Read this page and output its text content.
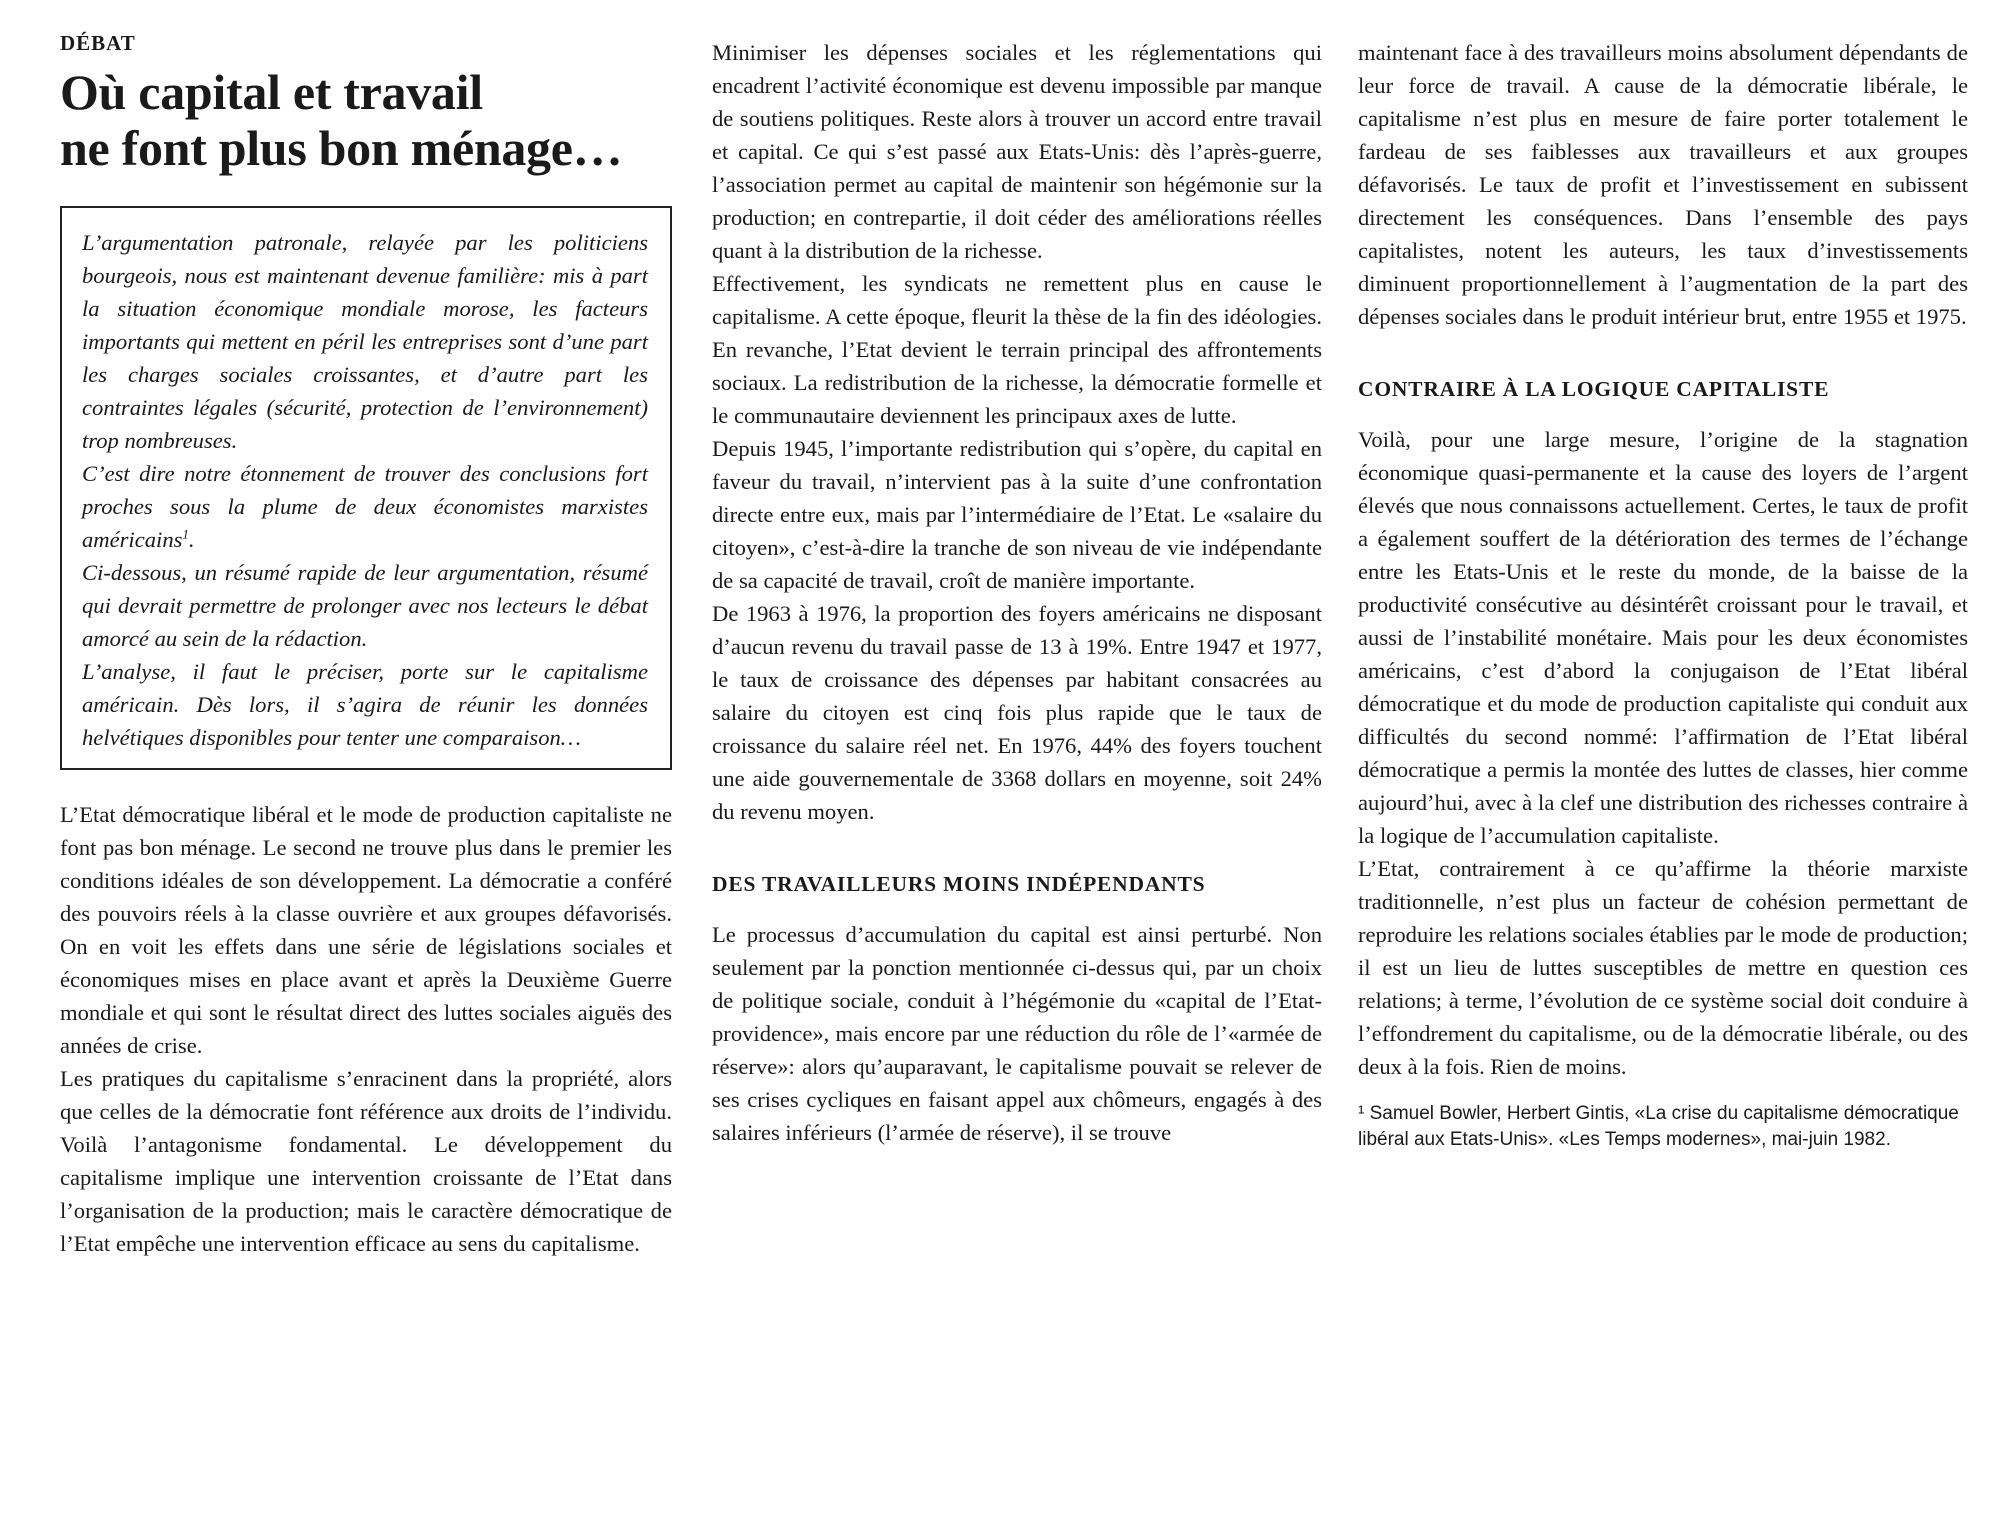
DÉBAT
Où capital et travail
ne font plus bon ménage…

L’argumentation patronale, relayée par les politiciens bourgeois, nous est maintenant devenue familière: mis à part la situation économique mondiale morose, les facteurs importants qui mettent en péril les entreprises sont d’une part les charges sociales croissantes, et d’autre part les contraintes légales (sécurité, protection de l’environnement) trop nombreuses.

C’est dire notre étonnement de trouver des conclusions fort proches sous la plume de deux économistes marxistes américains$^1$.

Ci-dessous, un résumé rapide de leur argumentation, résumé qui devrait permettre de prolonger avec nos lecteurs le débat amorcé au sein de la rédaction.

L’analyse, il faut le préciser, porte sur le capitalisme américain. Dès lors, il s’agira de réunir les données helvétiques disponibles pour tenter une comparaison…

L’Etat démocratique libéral et le mode de production capitaliste ne font pas bon ménage. Le second ne trouve plus dans le premier les conditions idéales de son développement. La démocratie a conféré des pouvoirs réels à la classe ouvrière et aux groupes défavorisés. On en voit les effets dans une série de législations sociales et économiques mises en place avant et après la Deuxième Guerre mondiale et qui sont le résultat direct des luttes sociales aiguës des années de crise.

Les pratiques du capitalisme s’enracinent dans la propriété, alors que celles de la démocratie font référence aux droits de l’individu. Voilà l’antagonisme fondamental. Le développement du capitalisme implique une intervention croissante de l’Etat dans l’organisation de la production; mais le caractère démocratique de l’Etat empêche une intervention efficace au sens du capitalisme.

Minimiser les dépenses sociales et les réglementations qui encadrent l’activité économique est devenu impossible par manque de soutiens politiques. Reste alors à trouver un accord entre travail et capital. Ce qui s’est passé aux Etats-Unis: dès l’après-guerre, l’association permet au capital de maintenir son hégémonie sur la production; en contrepartie, il doit céder des améliorations réelles quant à la distribution de la richesse.

Effectivement, les syndicats ne remettent plus en cause le capitalisme. A cette époque, fleurit la thèse de la fin des idéologies. En revanche, l’Etat devient le terrain principal des affrontements sociaux. La redistribution de la richesse, la démocratie formelle et le communautaire deviennent les principaux axes de lutte.

Depuis 1945, l’importante redistribution qui s’opère, du capital en faveur du travail, n’intervient pas à la suite d’une confrontation directe entre eux, mais par l’intermédiaire de l’Etat. Le «salaire du citoyen», c’est-à-dire la tranche de son niveau de vie indépendante de sa capacité de travail, croît de manière importante.

De 1963 à 1976, la proportion des foyers américains ne disposant d’aucun revenu du travail passe de 13 à 19%. Entre 1947 et 1977, le taux de croissance des dépenses par habitant consacrées au salaire du citoyen est cinq fois plus rapide que le taux de croissance du salaire réel net. En 1976, 44% des foyers touchent une aide gouvernementale de 3368 dollars en moyenne, soit 24% du revenu moyen.

DES TRAVAILLEURS MOINS INDÉPENDANTS

Le processus d’accumulation du capital est ainsi perturbé. Non seulement par la ponction mentionnée ci-dessus qui, par un choix de politique sociale, conduit à l’hégémonie du «capital de l’Etat-providence», mais encore par une réduction du rôle de l’«armée de réserve»: alors qu’auparavant, le capitalisme pouvait se relever de ses crises cycliques en faisant appel aux chômeurs, engagés à des salaires inférieurs (l’armée de réserve), il se trouve

maintenant face à des travailleurs moins absolument dépendants de leur force de travail. A cause de la démocratie libérale, le capitalisme n’est plus en mesure de faire porter totalement le fardeau de ses faiblesses aux travailleurs et aux groupes défavorisés. Le taux de profit et l’investissement en subissent directement les conséquences. Dans l’ensemble des pays capitalistes, notent les auteurs, les taux d’investissements diminuent proportionnellement à l’augmentation de la part des dépenses sociales dans le produit intérieur brut, entre 1955 et 1975.

CONTRAIRE À LA LOGIQUE CAPITALISTE

Voilà, pour une large mesure, l’origine de la stagnation économique quasi-permanente et la cause des loyers de l’argent élevés que nous connaissons actuellement. Certes, le taux de profit a également souffert de la détérioration des termes de l’échange entre les Etats-Unis et le reste du monde, de la baisse de la productivité consécutive au désintérêt croissant pour le travail, et aussi de l’instabilité monétaire. Mais pour les deux économistes américains, c’est d’abord la conjugaison de l’Etat libéral démocratique et du mode de production capitaliste qui conduit aux difficultés du second nommé: l’affirmation de l’Etat libéral démocratique a permis la montée des luttes de classes, hier comme aujourd’hui, avec à la clef une distribution des richesses contraire à la logique de l’accumulation capitaliste.

L’Etat, contrairement à ce qu’affirme la théorie marxiste traditionnelle, n’est plus un facteur de cohésion permettant de reproduire les relations sociales établies par le mode de production; il est un lieu de luttes susceptibles de mettre en question ces relations; à terme, l’évolution de ce système social doit conduire à l’effondrement du capitalisme, ou de la démocratie libérale, ou des deux à la fois. Rien de moins.

¹ Samuel Bowler, Herbert Gintis, «La crise du capitalisme démocratique libéral aux Etats-Unis». «Les Temps modernes», mai-juin 1982.
